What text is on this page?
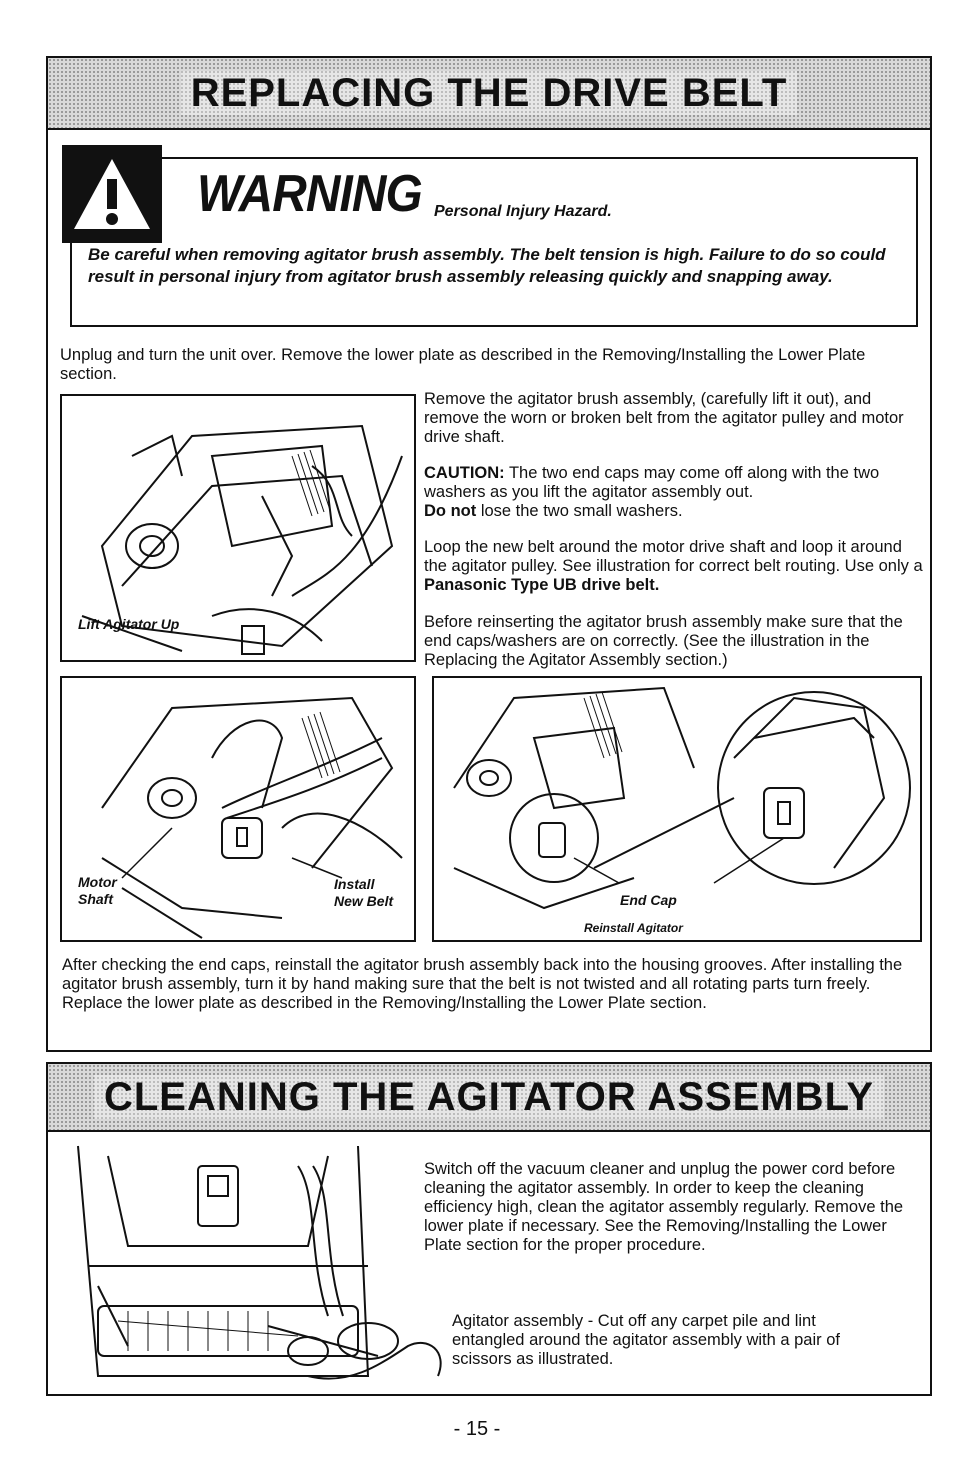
REPLACING THE DRIVE BELT
WARNING Personal Injury Hazard.
Be careful when removing agitator brush assembly. The belt tension is high. Failure to do so could result in personal injury from agitator brush assembly releasing quickly and snapping away.
Unplug and turn the unit over. Remove the lower plate as described in the Removing/Installing the Lower Plate section.
Lift Agitator Up
Remove the agitator brush assembly, (carefully lift it out), and remove the worn or broken belt from the agitator pulley and motor drive shaft.

CAUTION: The two end caps may come off along with the two washers as you lift the agitator assembly out.

Do not lose the two small washers.

Loop the new belt around the motor drive shaft and loop it around the agitator pulley. See illustration for correct belt routing. Use only a Panasonic Type UB drive belt.
Before reinserting the agitator brush assembly make sure that the end caps/washers are on correctly. (See the illustration in the Replacing the Agitator Assembly section.)
Motor
Shaft
Install
New Belt	End Cap
Reinstall Agitator
After checking the end caps, reinstall the agitator brush assembly back into the housing grooves. After installing the agitator brush assembly, turn it by hand making sure that the belt is not twisted and all rotating parts turn freely. Replace the lower plate as described in the Removing/Installing the Lower Plate section.
CLEANING THE AGITATOR ASSEMBLY
Switch off the vacuum cleaner and unplug the power cord before cleaning the agitator assembly. In order to keep the cleaning efficiency high, clean the agitator assembly regularly. Remove the lower plate if necessary. See the Removing/Installing the Lower Plate section for the proper procedure.
Agitator assembly - Cut off any carpet pile and lint entangled around the agitator assembly with a pair of scissors as illustrated.
- 15 -
